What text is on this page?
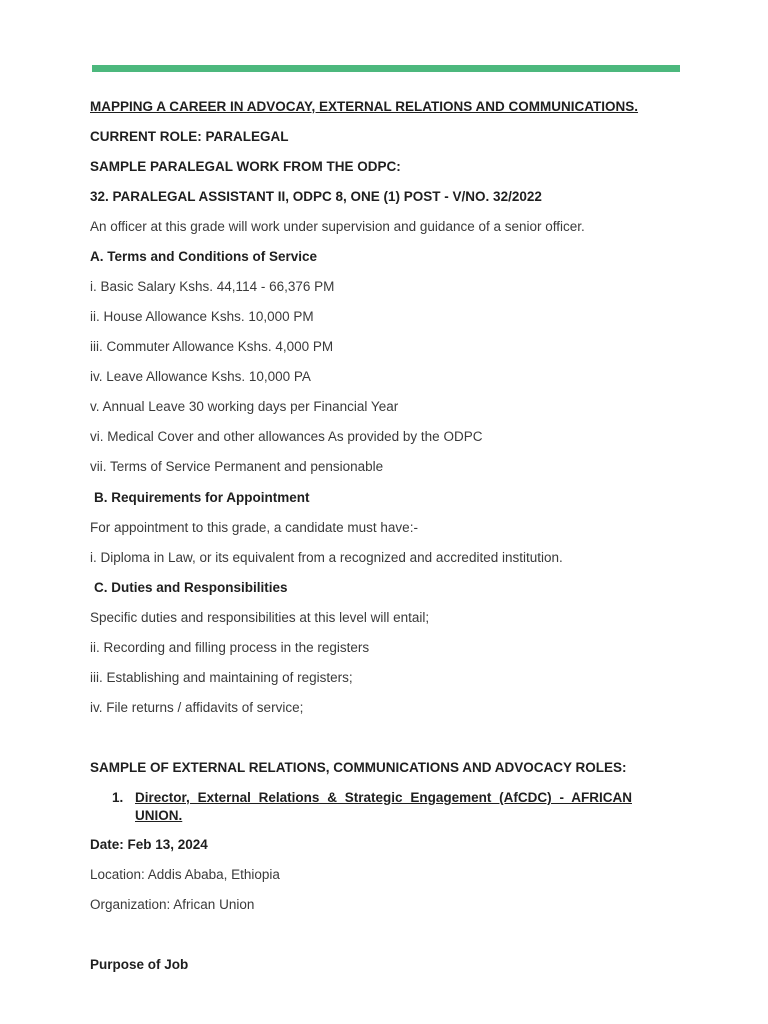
MAPPING A CAREER IN ADVOCAY, EXTERNAL RELATIONS AND COMMUNICATIONS.
CURRENT ROLE: PARALEGAL
SAMPLE PARALEGAL WORK FROM THE ODPC:
32. PARALEGAL ASSISTANT II, ODPC 8, ONE (1) POST - V/NO. 32/2022
An officer at this grade will work under supervision and guidance of a senior officer.
A. Terms and Conditions of Service
i. Basic Salary Kshs. 44,114 - 66,376 PM
ii. House Allowance Kshs. 10,000 PM
iii. Commuter Allowance Kshs. 4,000 PM
iv. Leave Allowance Kshs. 10,000 PA
v. Annual Leave 30 working days per Financial Year
vi. Medical Cover and other allowances As provided by the ODPC
vii. Terms of Service Permanent and pensionable
B. Requirements for Appointment
For appointment to this grade, a candidate must have:-
i. Diploma in Law, or its equivalent from a recognized and accredited institution.
C. Duties and Responsibilities
Specific duties and responsibilities at this level will entail;
ii. Recording and filling process in the registers
iii. Establishing and maintaining of registers;
iv. File returns / affidavits of service;
SAMPLE OF EXTERNAL RELATIONS, COMMUNICATIONS AND ADVOCACY ROLES:
1. Director, External Relations & Strategic Engagement (AfCDC) - AFRICAN UNION.
Date: Feb 13, 2024
Location: Addis Ababa, Ethiopia
Organization: African Union
Purpose of Job
